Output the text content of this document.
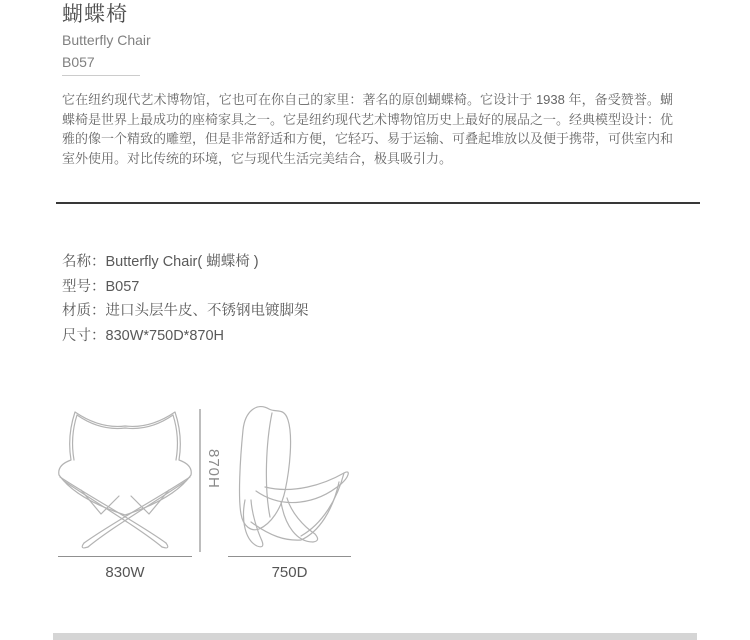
蝴蝶椅
Butterfly Chair
B057
它在纽约现代艺术博物馆，它也可在你自己的家里：著名的原创蝴蝶椅。它设计于 1938 年，备受赞誉。蝴蝶椅是世界上最成功的座椅家具之一。它是纽约现代艺术博物馆历史上最好的展品之一。经典模型设计：优雅的像一个精致的雕塑，但是非常舒适和方便，它轻巧、易于运输、可叠起堆放以及便于携带，可供室内和室外使用。对比传统的环境，它与现代生活完美结合，极具吸引力。
名称：Butterfly Chair( 蝴蝶椅 )
型号：B057
材质：进口头层牛皮、不锈钢电镀脚架
尺寸：830W*750D*870H
870H
830W	750D
